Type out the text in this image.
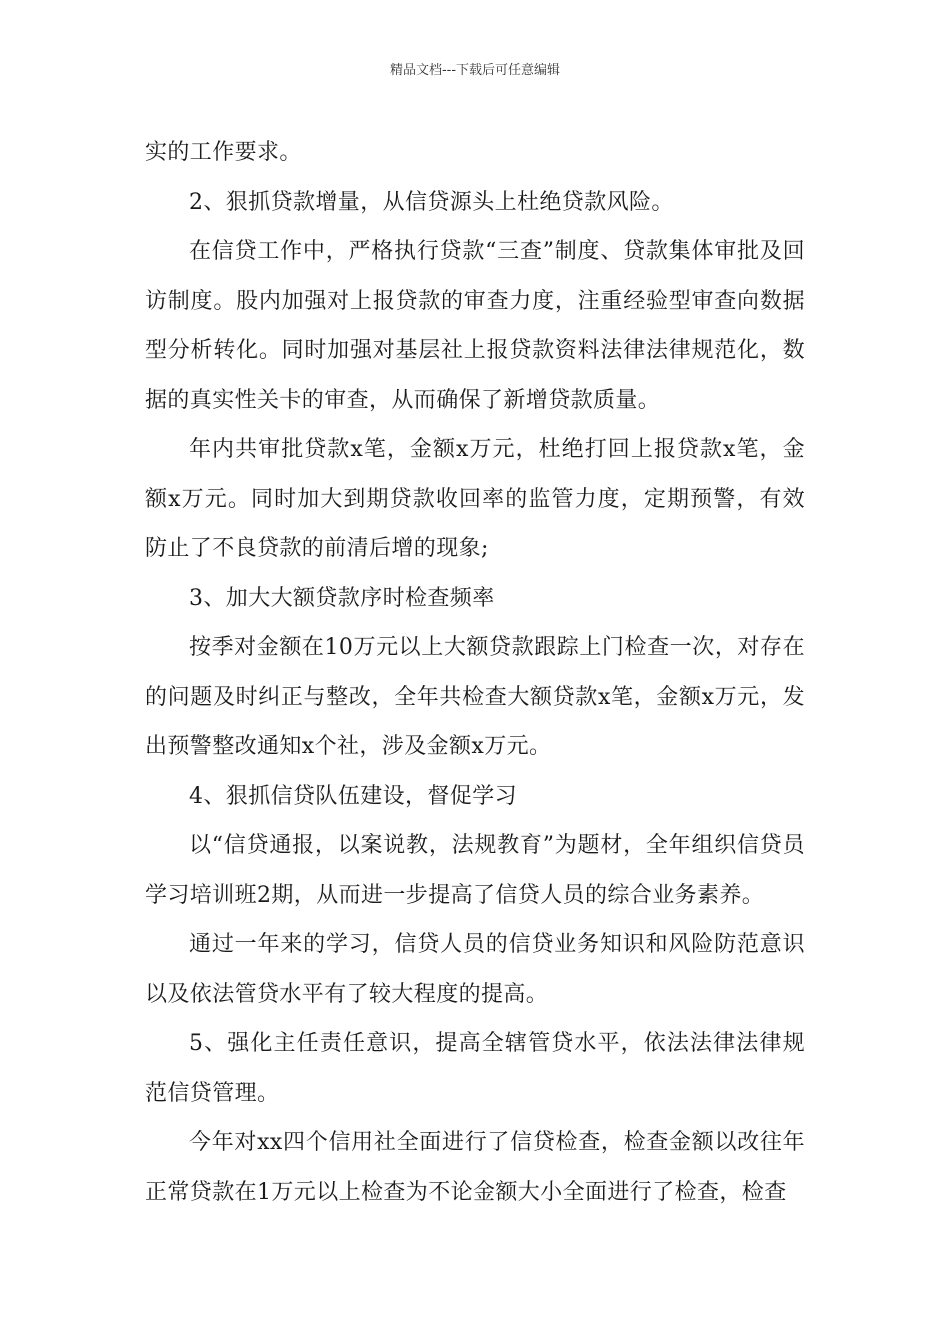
精品文档---下载后可任意编辑

实的工作要求。

2、狠抓贷款增量，从信贷源头上杜绝贷款风险。

在信贷工作中，严格执行贷款“三查”制度、贷款集体审批及回访制度。股内加强对上报贷款的审查力度，注重经验型审查向数据型分析转化。同时加强对基层社上报贷款资料法律法律规范化，数据的真实性关卡的审查，从而确保了新增贷款质量。

年内共审批贷款x笔，金额x万元，杜绝打回上报贷款x笔，金额x万元。同时加大到期贷款收回率的监管力度，定期预警，有效防止了不良贷款的前清后增的现象;

3、加大大额贷款序时检查频率

按季对金额在10万元以上大额贷款跟踪上门检查一次，对存在的问题及时纠正与整改，全年共检查大额贷款x笔，金额x万元，发出预警整改通知x个社，涉及金额x万元。

4、狠抓信贷队伍建设，督促学习

以“信贷通报，以案说教，法规教育”为题材，全年组织信贷员学习培训班2期，从而进一步提高了信贷人员的综合业务素养。

通过一年来的学习，信贷人员的信贷业务知识和风险防范意识以及依法管贷水平有了较大程度的提高。

5、强化主任责任意识，提高全辖管贷水平，依法法律法律规范信贷管理。

今年对xx四个信用社全面进行了信贷检查，检查金额以改往年正常贷款在1万元以上检查为不论金额大小全面进行了检查，检查
